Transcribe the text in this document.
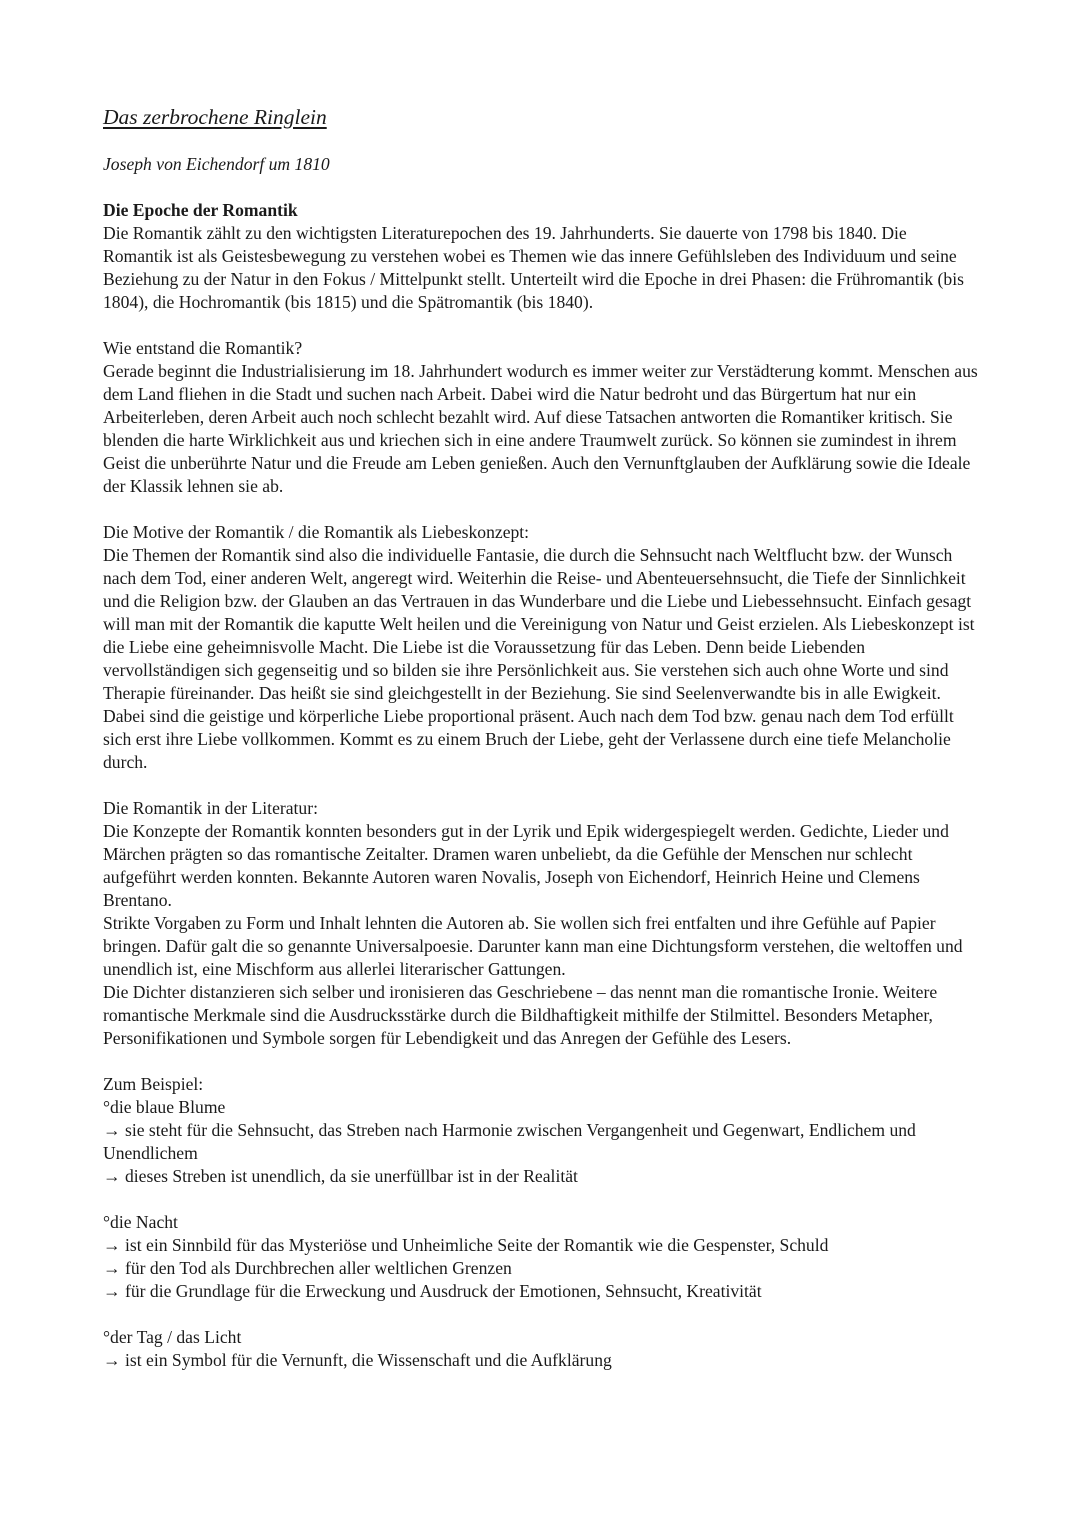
Das zerbrochene Ringlein

Joseph von Eichendorf um 1810

Die Epoche der Romantik

Die Romantik zählt zu den wichtigsten Literaturepochen des 19. Jahrhunderts. Sie dauerte von 1798 bis 1840. Die Romantik ist als Geistesbewegung zu verstehen wobei es Themen wie das innere Gefühlsleben des Individuum und seine Beziehung zu der Natur in den Fokus / Mittelpunkt stellt. Unterteilt wird die Epoche in drei Phasen: die Frühromantik (bis 1804), die Hochromantik (bis 1815) und die Spätromantik (bis 1840).

Wie entstand die Romantik?

Gerade beginnt die Industrialisierung im 18. Jahrhundert wodurch es immer weiter zur Verstädterung kommt. Menschen aus dem Land fliehen in die Stadt und suchen nach Arbeit. Dabei wird die Natur bedroht und das Bürgertum hat nur ein Arbeiterleben, deren Arbeit auch noch schlecht bezahlt wird. Auf diese Tatsachen antworten die Romantiker kritisch. Sie blenden die harte Wirklichkeit aus und kriechen sich in eine andere Traumwelt zurück. So können sie zumindest in ihrem Geist die unberührte Natur und die Freude am Leben genießen. Auch den Vernunftglauben der Aufklärung sowie die Ideale der Klassik lehnen sie ab.

Die Motive der Romantik / die Romantik als Liebeskonzept:

Die Themen der Romantik sind also die individuelle Fantasie, die durch die Sehnsucht nach Weltflucht bzw. der Wunsch nach dem Tod, einer anderen Welt, angeregt wird. Weiterhin die Reise- und Abenteuersehnsucht, die Tiefe der Sinnlichkeit und die Religion bzw. der Glauben an das Vertrauen in das Wunderbare und die Liebe und Liebessehnsucht. Einfach gesagt will man mit der Romantik die kaputte Welt heilen und die Vereinigung von Natur und Geist erzielen. Als Liebeskonzept ist die Liebe eine geheimnisvolle Macht. Die Liebe ist die Voraussetzung für das Leben. Denn beide Liebenden vervollständigen sich gegenseitig und so bilden sie ihre Persönlichkeit aus. Sie verstehen sich auch ohne Worte und sind Therapie füreinander. Das heißt sie sind gleichgestellt in der Beziehung. Sie sind Seelenverwandte bis in alle Ewigkeit. Dabei sind die geistige und körperliche Liebe proportional präsent. Auch nach dem Tod bzw. genau nach dem Tod erfüllt sich erst ihre Liebe vollkommen. Kommt es zu einem Bruch der Liebe, geht der Verlassene durch eine tiefe Melancholie durch.

Die Romantik in der Literatur:

Die Konzepte der Romantik konnten besonders gut in der Lyrik und Epik widergespiegelt werden. Gedichte, Lieder und Märchen prägten so das romantische Zeitalter. Dramen waren unbeliebt, da die Gefühle der Menschen nur schlecht aufgeführt werden konnten. Bekannte Autoren waren Novalis, Joseph von Eichendorf, Heinrich Heine und Clemens Brentano.

Strikte Vorgaben zu Form und Inhalt lehnten die Autoren ab. Sie wollen sich frei entfalten und ihre Gefühle auf Papier bringen. Dafür galt die so genannte Universalpoesie. Darunter kann man eine Dichtungsform verstehen, die weltoffen und unendlich ist, eine Mischform aus allerlei literarischer Gattungen.

Die Dichter distanzieren sich selber und ironisieren das Geschriebene – das nennt man die romantische Ironie. Weitere romantische Merkmale sind die Ausdrucksstärke durch die Bildhaftigkeit mithilfe der Stilmittel. Besonders Metapher, Personifikationen und Symbole sorgen für Lebendigkeit und das Anregen der Gefühle des Lesers.

Zum Beispiel:

°die blaue Blume

→ sie steht für die Sehnsucht, das Streben nach Harmonie zwischen Vergangenheit und Gegenwart, Endlichem und Unendlichem

→ dieses Streben ist unendlich, da sie unerfüllbar ist in der Realität

°die Nacht

→ ist ein Sinnbild für das Mysteriöse und Unheimliche Seite der Romantik wie die Gespenster, Schuld

→ für den Tod als Durchbrechen aller weltlichen Grenzen

→ für die Grundlage für die Erweckung und Ausdruck der Emotionen, Sehnsucht, Kreativität

°der Tag / das Licht

→ ist ein Symbol für die Vernunft, die Wissenschaft und die Aufklärung
